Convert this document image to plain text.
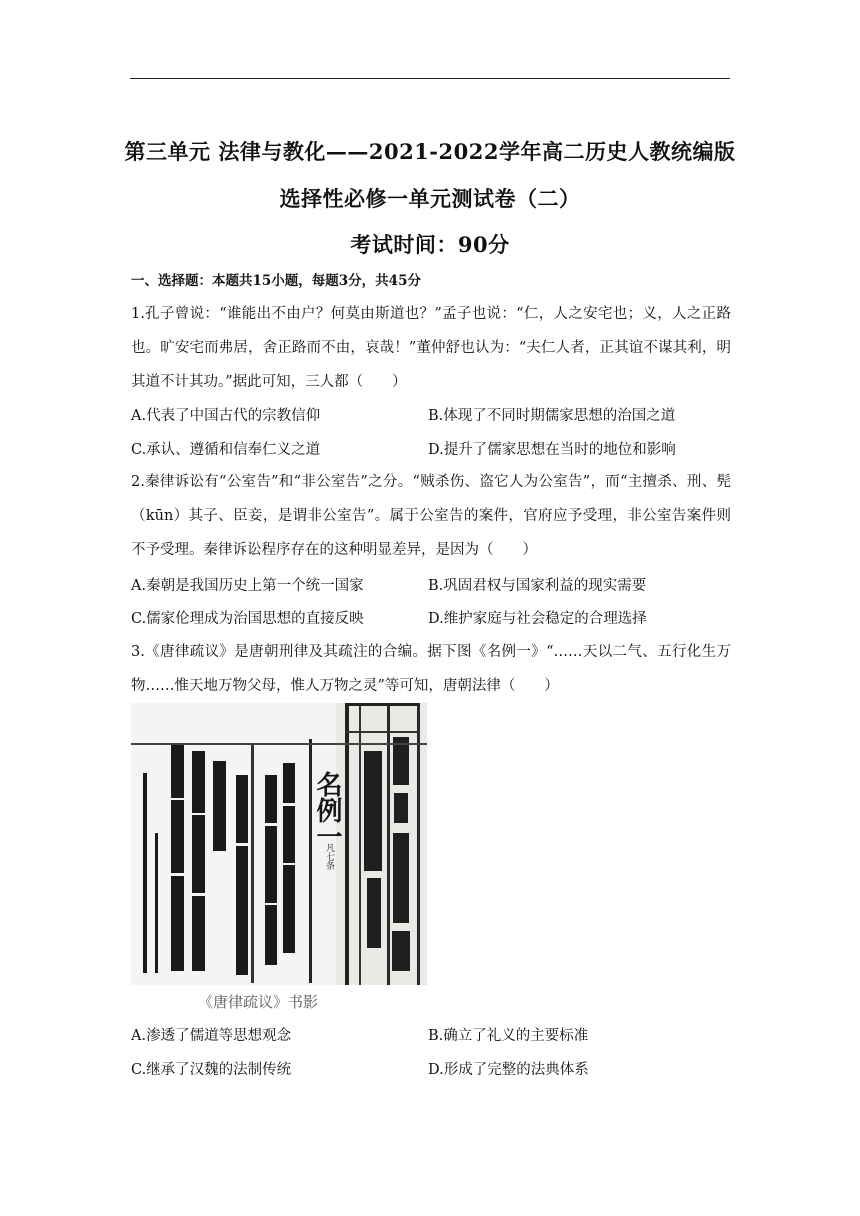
第三单元 法律与教化——2021-2022学年高二历史人教统编版
选择性必修一单元测试卷（二）
考试时间：90分
一、选择题：本题共15小题，每题3分，共45分
1.孔子曾说：“谁能出不由户？何莫由斯道也？”孟子也说：“仁，人之安宅也；义，人之正路也。旷安宅而弗居，舍正路而不由，哀哉！”董仲舒也认为：“夫仁人者，正其谊不谋其利，明其道不计其功。”据此可知，三人都（　　）
A.代表了中国古代的宗教信仰	B.体现了不同时期儒家思想的治国之道
C.承认、遵循和信奉仁义之道	D.提升了儒家思想在当时的地位和影响
2.秦律诉讼有“公室告”和“非公室告”之分。“贼杀伤、盗它人为公室告”，而“主擅杀、刑、髡（kūn）其子、臣妾，是谓非公室告”。属于公室告的案件，官府应予受理，非公室告案件则不予受理。秦律诉讼程序存在的这种明显差异，是因为（　　）
A.秦朝是我国历史上第一个统一国家	B.巩固君权与国家利益的现实需要
C.儒家伦理成为治国思想的直接反映	D.维护家庭与社会稳定的合理选择
3.《唐律疏议》是唐朝刑律及其疏注的合编。据下图《名例一》“……天以二气、五行化生万物……惟天地万物父母，惟人万物之灵”等可知，唐朝法律（　　）
名例一
凡七条
《唐律疏议》书影
A.渗透了儒道等思想观念	B.确立了礼义的主要标准
C.继承了汉魏的法制传统	D.形成了完整的法典体系
